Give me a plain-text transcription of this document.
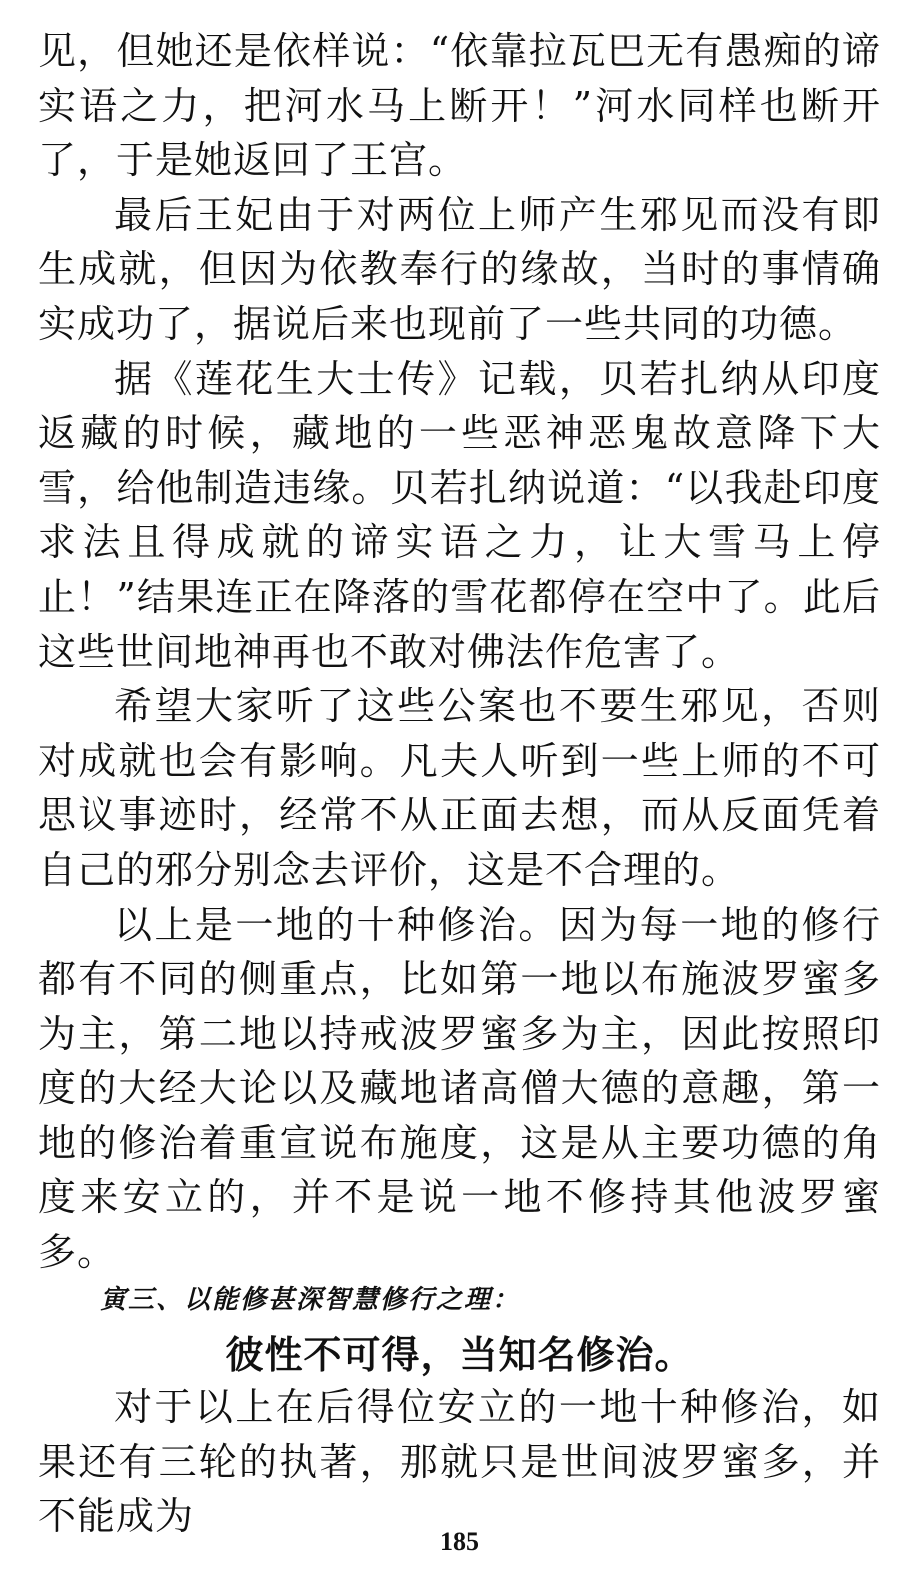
见，但她还是依样说：“依靠拉瓦巴无有愚痴的谛实语之力，把河水马上断开！”河水同样也断开了，于是她返回了王宫。

最后王妃由于对两位上师产生邪见而没有即生成就，但因为依教奉行的缘故，当时的事情确实成功了，据说后来也现前了一些共同的功德。

据《莲花生大士传》记载，贝若扎纳从印度返藏的时候，藏地的一些恶神恶鬼故意降下大雪，给他制造违缘。贝若扎纳说道：“以我赴印度求法且得成就的谛实语之力，让大雪马上停止！”结果连正在降落的雪花都停在空中了。此后这些世间地神再也不敢对佛法作危害了。

希望大家听了这些公案也不要生邪见，否则对成就也会有影响。凡夫人听到一些上师的不可思议事迹时，经常不从正面去想，而从反面凭着自己的邪分别念去评价，这是不合理的。

以上是一地的十种修治。因为每一地的修行都有不同的侧重点，比如第一地以布施波罗蜜多为主，第二地以持戒波罗蜜多为主，因此按照印度的大经大论以及藏地诸高僧大德的意趣，第一地的修治着重宣说布施度，这是从主要功德的角度来安立的，并不是说一地不修持其他波罗蜜多。

寅三、以能修甚深智慧修行之理：
彼性不可得，当知名修治。

对于以上在后得位安立的一地十种修治，如果还有三轮的执著，那就只是世间波罗蜜多，并不能成为

185
